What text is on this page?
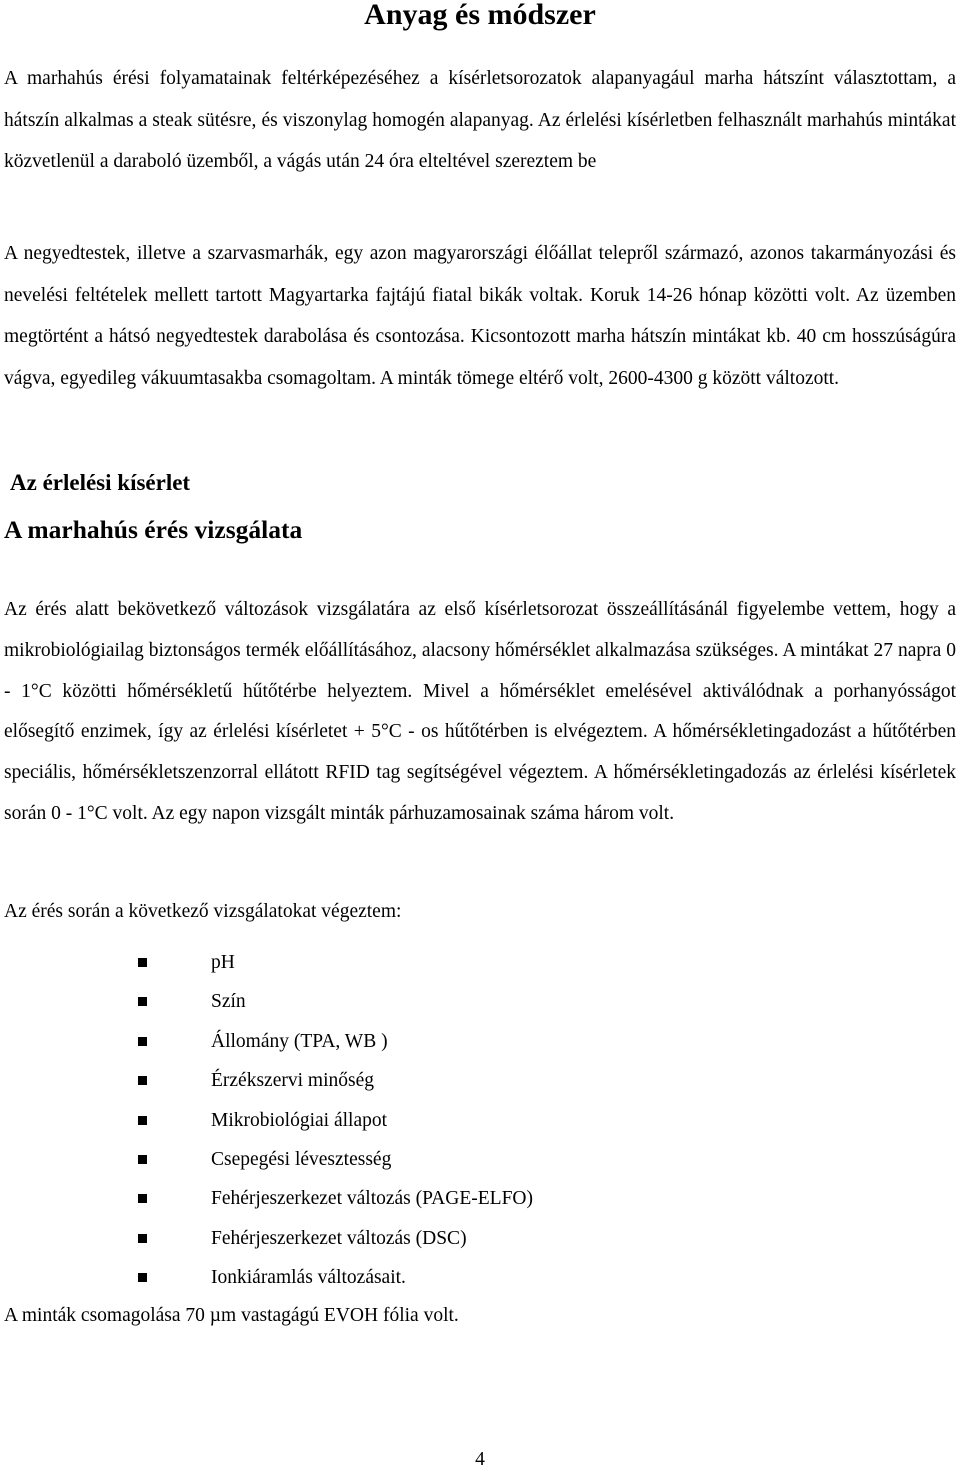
Anyag és módszer

A marhahús érési folyamatainak feltérképezéséhez a kísérletsorozatok alapanyagául marha hátszínt választottam, a hátszín alkalmas a steak sütésre, és viszonylag homogén alapanyag. Az érlelési kísérletben felhasznált marhahús mintákat közvetlenül a daraboló üzemből, a vágás után 24 óra elteltével szereztem be

A negyedtestek, illetve a szarvasmarhák, egy azon magyarországi élőállat telepről származó, azonos takarmányozási és nevelési feltételek mellett tartott Magyartarka fajtájú fiatal bikák voltak. Koruk 14-26 hónap közötti volt. Az üzemben megtörtént a hátsó negyedtestek darabolása és csontozása. Kicsontozott marha hátszín mintákat kb. 40 cm hosszúságúra vágva, egyedileg vákuumtasakba csomagoltam. A minták tömege eltérő volt, 2600-4300 g között változott.

Az érlelési kísérlet
A marhahús érés vizsgálata

Az érés alatt bekövetkező változások vizsgálatára az első kísérletsorozat összeállításánál figyelembe vettem, hogy a mikrobiológiailag biztonságos termék előállításához, alacsony hőmérséklet alkalmazása szükséges. A mintákat 27 napra 0 - 1°C közötti hőmérsékletű hűtőtérbe helyeztem. Mivel a hőmérséklet emelésével aktiválódnak a porhanyósságot elősegítő enzimek, így az érlelési kísérletet + 5°C - os hűtőtérben is elvégeztem. A hőmérsékletingadozást a hűtőtérben speciális, hőmérsékletszenzorral ellátott RFID tag segítségével végeztem. A hőmérsékletingadozás az érlelési kísérletek során 0 - 1°C volt. Az egy napon vizsgált minták párhuzamosainak száma három volt.

Az érés során a következő vizsgálatokat végeztem:

pH
Szín
Állomány (TPA, WB )
Érzékszervi minőség
Mikrobiológiai állapot
Csepegési lévesztesség
Fehérjeszerkezet változás (PAGE-ELFO)
Fehérjeszerkezet változás (DSC)
Ionkiáramlás változásait.

A minták csomagolása 70 µm vastagágú EVOH fólia volt.

4
